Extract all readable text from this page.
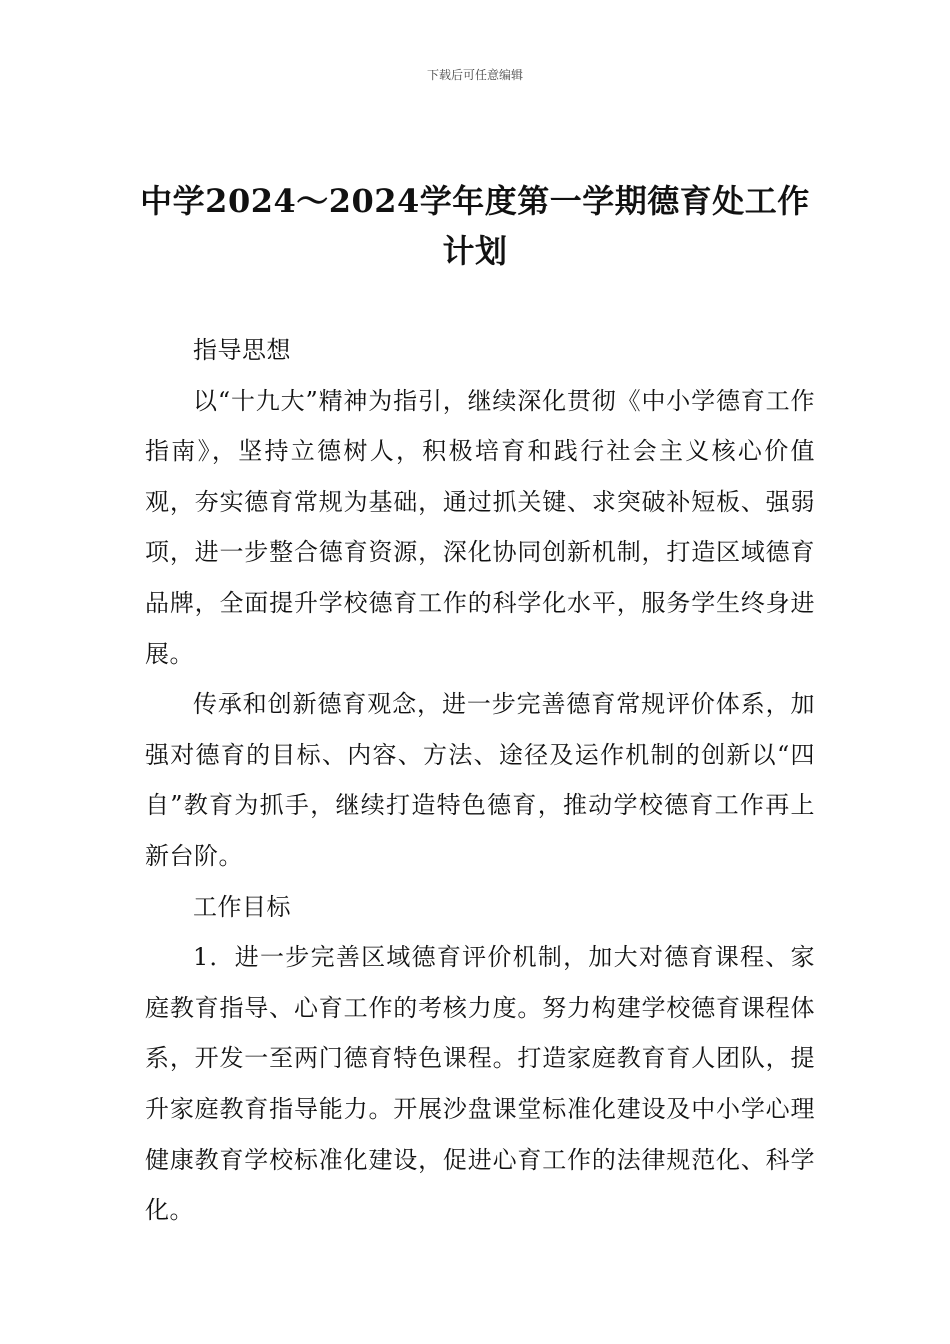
下载后可任意编辑
中学2024～2024学年度第一学期德育处工作计划

指导思想

以“十九大”精神为指引，继续深化贯彻《中小学德育工作指南》，坚持立德树人，积极培育和践行社会主义核心价值观，夯实德育常规为基础，通过抓关键、求突破补短板、强弱项，进一步整合德育资源，深化协同创新机制，打造区域德育品牌，全面提升学校德育工作的科学化水平，服务学生终身进展。

传承和创新德育观念，进一步完善德育常规评价体系，加强对德育的目标、内容、方法、途径及运作机制的创新以“四自”教育为抓手，继续打造特色德育，推动学校德育工作再上新台阶。

工作目标

1．进一步完善区域德育评价机制，加大对德育课程、家庭教育指导、心育工作的考核力度。努力构建学校德育课程体系，开发一至两门德育特色课程。打造家庭教育育人团队，提升家庭教育指导能力。开展沙盘课堂标准化建设及中小学心理健康教育学校标准化建设，促进心育工作的法律规范化、科学化。
